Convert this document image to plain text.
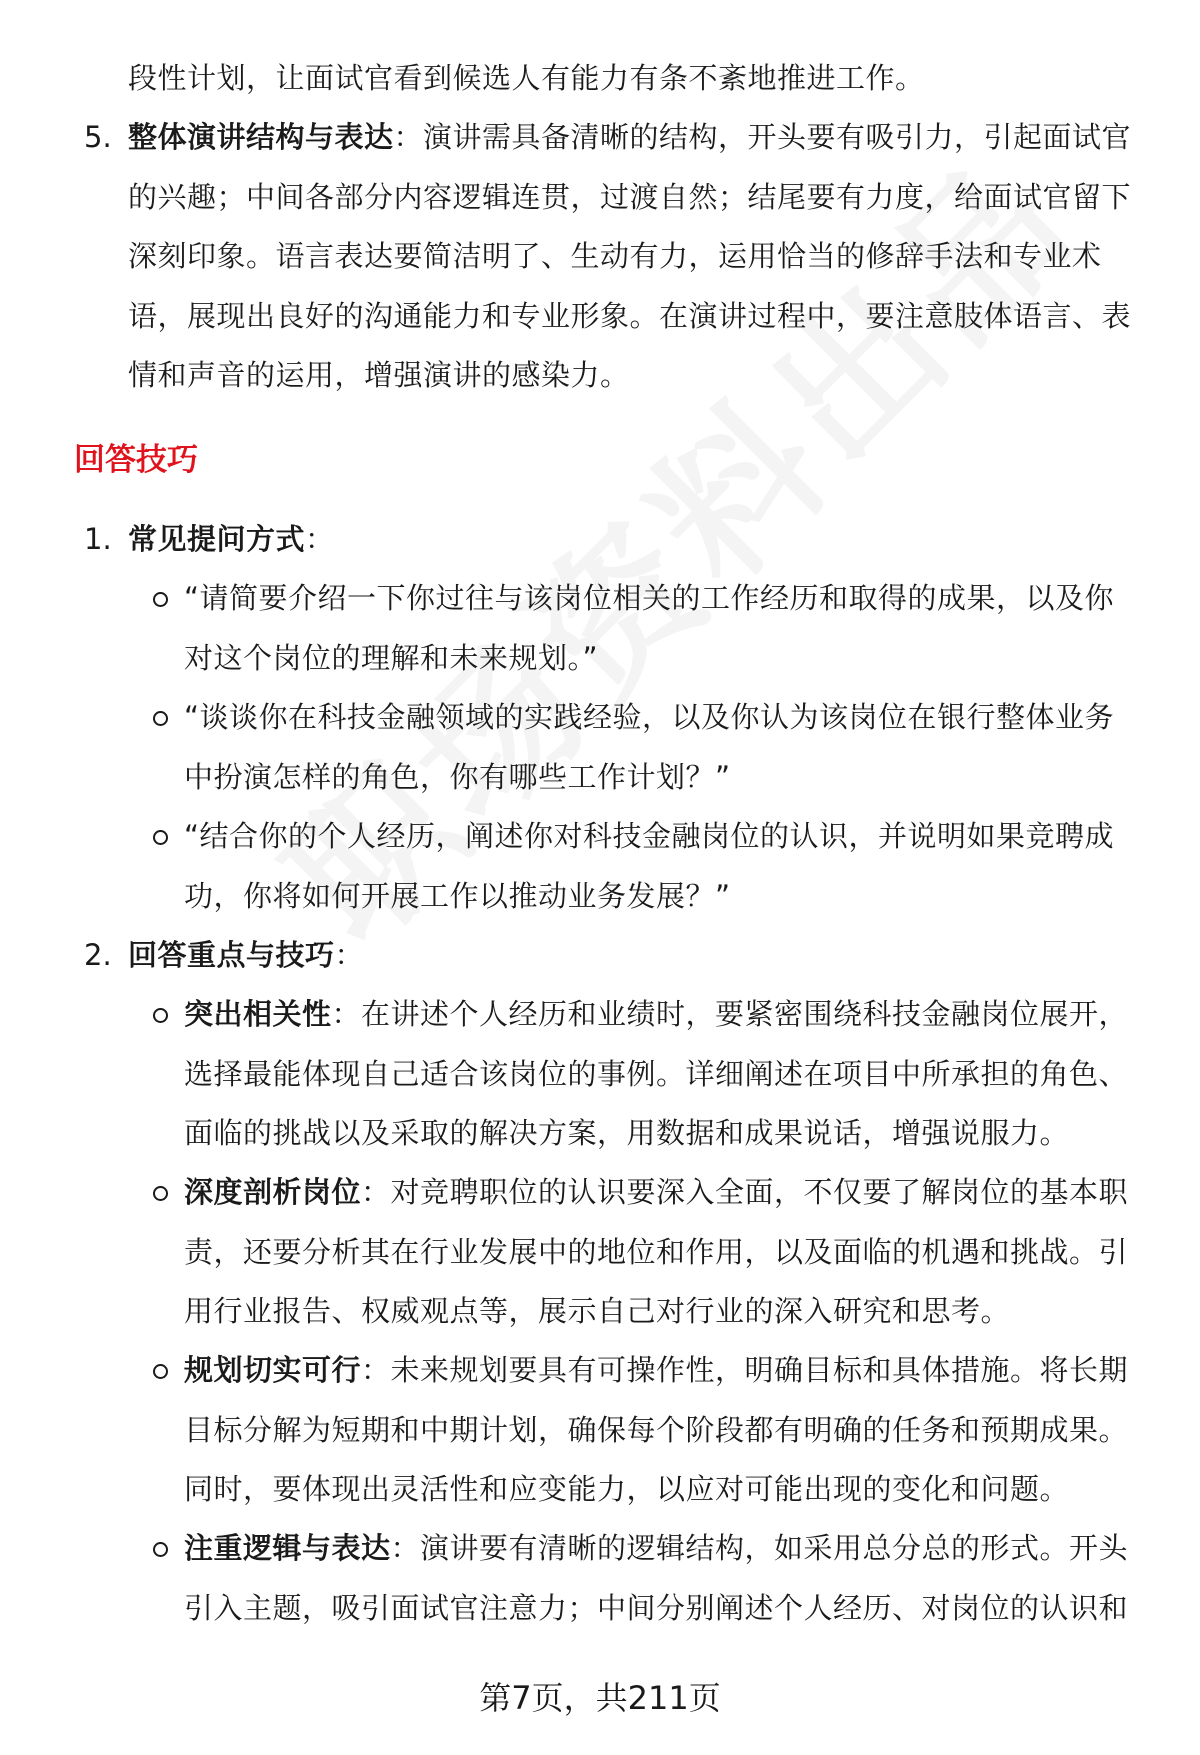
段性计划，让面试官看到候选人有能力有条不紊地推进工作。
5. 整体演讲结构与表达：演讲需具备清晰的结构，开头要有吸引力，引起面试官
的兴趣；中间各部分内容逻辑连贯，过渡自然；结尾要有力度，给面试官留下
深刻印象。语言表达要简洁明了、生动有力，运用恰当的修辞手法和专业术
语，展现出良好的沟通能力和专业形象。在演讲过程中，要注意肢体语言、表
情和声音的运用，增强演讲的感染力。
回答技巧
1. 常见提问方式：
“请简要介绍一下你过往与该岗位相关的工作经历和取得的成果，以及你
对这个岗位的理解和未来规划。”
“谈谈你在科技金融领域的实践经验，以及你认为该岗位在银行整体业务
中扮演怎样的角色，你有哪些工作计划？”
“结合你的个人经历，阐述你对科技金融岗位的认识，并说明如果竞聘成
功，你将如何开展工作以推动业务发展？”
2. 回答重点与技巧：
突出相关性：在讲述个人经历和业绩时，要紧密围绕科技金融岗位展开，
选择最能体现自己适合该岗位的事例。详细阐述在项目中所承担的角色、
面临的挑战以及采取的解决方案，用数据和成果说话，增强说服力。
深度剖析岗位：对竞聘职位的认识要深入全面，不仅要了解岗位的基本职
责，还要分析其在行业发展中的地位和作用，以及面临的机遇和挑战。引
用行业报告、权威观点等，展示自己对行业的深入研究和思考。
规划切实可行：未来规划要具有可操作性，明确目标和具体措施。将长期
目标分解为短期和中期计划，确保每个阶段都有明确的任务和预期成果。
同时，要体现出灵活性和应变能力，以应对可能出现的变化和问题。
注重逻辑与表达：演讲要有清晰的逻辑结构，如采用总分总的形式。开头
引入主题，吸引面试官注意力；中间分别阐述个人经历、对岗位的认识和
第7页，共211页
